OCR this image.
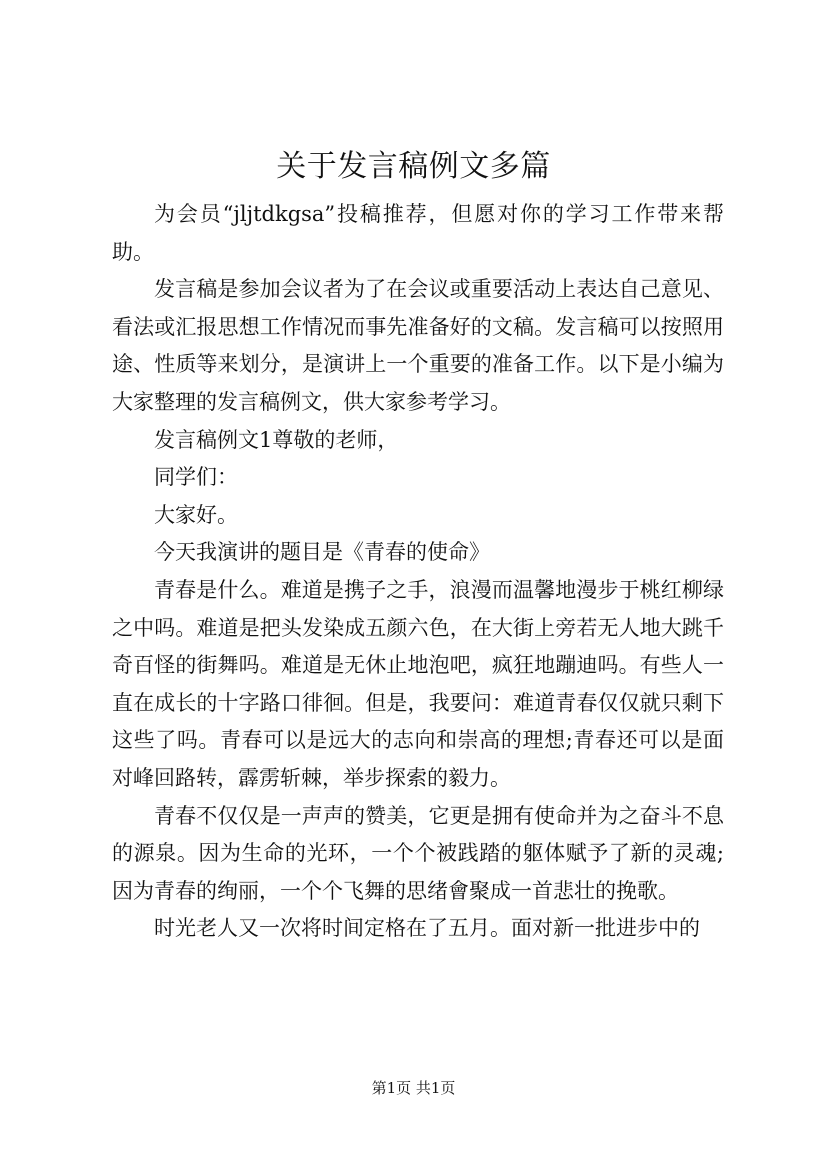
关于发言稿例文多篇

为会员“jljtdkgsa”投稿推荐，但愿对你的学习工作带来帮助。

发言稿是参加会议者为了在会议或重要活动上表达自己意见、看法或汇报思想工作情况而事先准备好的文稿。发言稿可以按照用途、性质等来划分，是演讲上一个重要的准备工作。以下是小编为大家整理的发言稿例文，供大家参考学习。

发言稿例文1尊敬的老师，

同学们：

大家好。

今天我演讲的题目是《青春的使命》

青春是什么。难道是携子之手，浪漫而温馨地漫步于桃红柳绿之中吗。难道是把头发染成五颜六色，在大街上旁若无人地大跳千奇百怪的街舞吗。难道是无休止地泡吧，疯狂地蹦迪吗。有些人一直在成长的十字路口徘徊。但是，我要问：难道青春仅仅就只剩下这些了吗。青春可以是远大的志向和崇高的理想;青春还可以是面对峰回路转，霹雳斩棘，举步探索的毅力。

青春不仅仅是一声声的赞美，它更是拥有使命并为之奋斗不息的源泉。因为生命的光环，一个个被践踏的躯体赋予了新的灵魂;因为青春的绚丽，一个个飞舞的思绪會聚成一首悲壮的挽歌。

时光老人又一次将时间定格在了五月。面对新一批进步中的

第1页 共1页
